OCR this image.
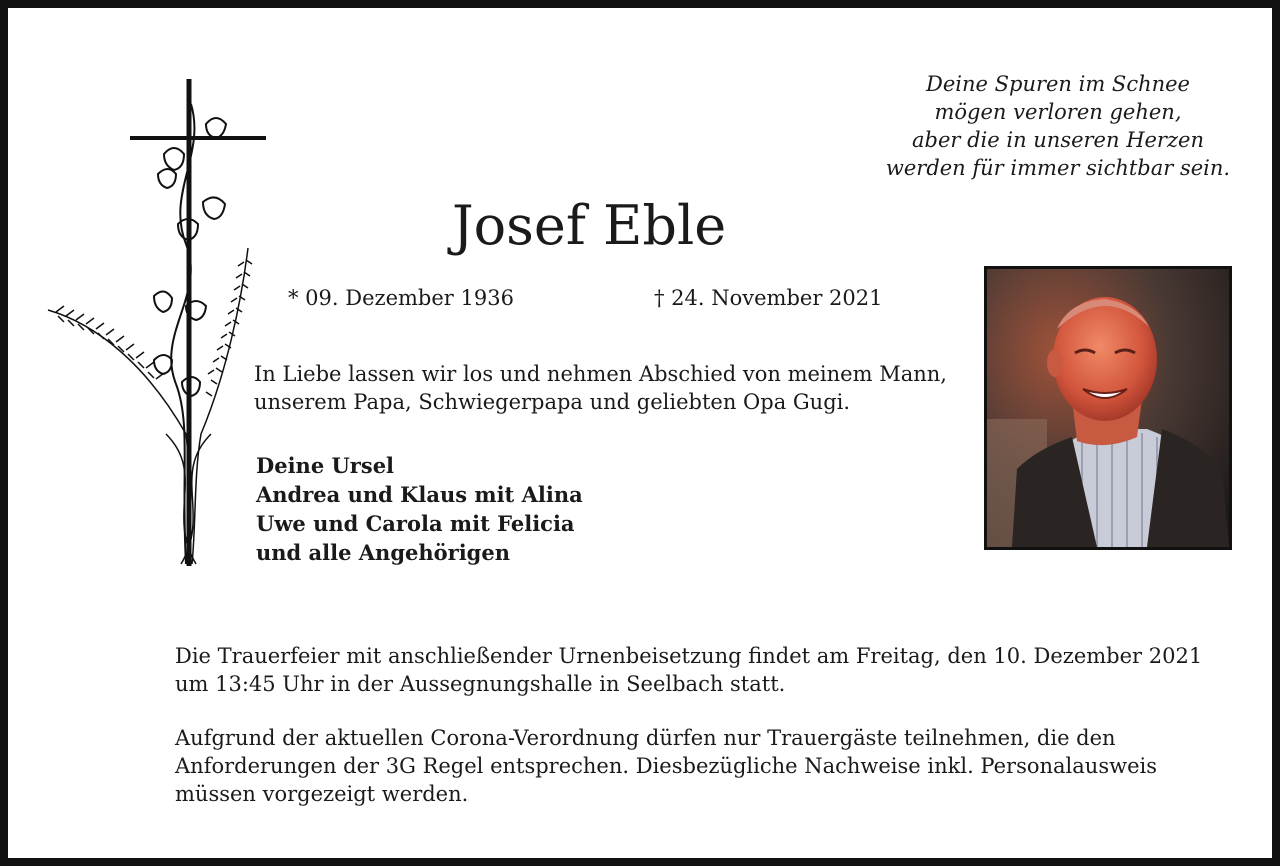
Deine Spuren im Schnee
mögen verloren gehen,
aber die in unseren Herzen
werden für immer sichtbar sein.
Josef Eble
* 09. Dezember 1936	† 24. November 2021
In Liebe lassen wir los und nehmen Abschied von meinem Mann,
unserem Papa, Schwiegerpapa und geliebten Opa Gugi.
Deine Ursel
Andrea und Klaus mit Alina
Uwe und Carola mit Felicia
und alle Angehörigen
Die Trauerfeier mit anschließender Urnenbeisetzung findet am Freitag, den 10. Dezember 2021
um 13:45 Uhr in der Aussegnungshalle in Seelbach statt.
Aufgrund der aktuellen Corona-Verordnung dürfen nur Trauergäste teilnehmen, die den
Anforderungen der 3G Regel entsprechen. Diesbezügliche Nachweise inkl. Personalausweis
müssen vorgezeigt werden.
